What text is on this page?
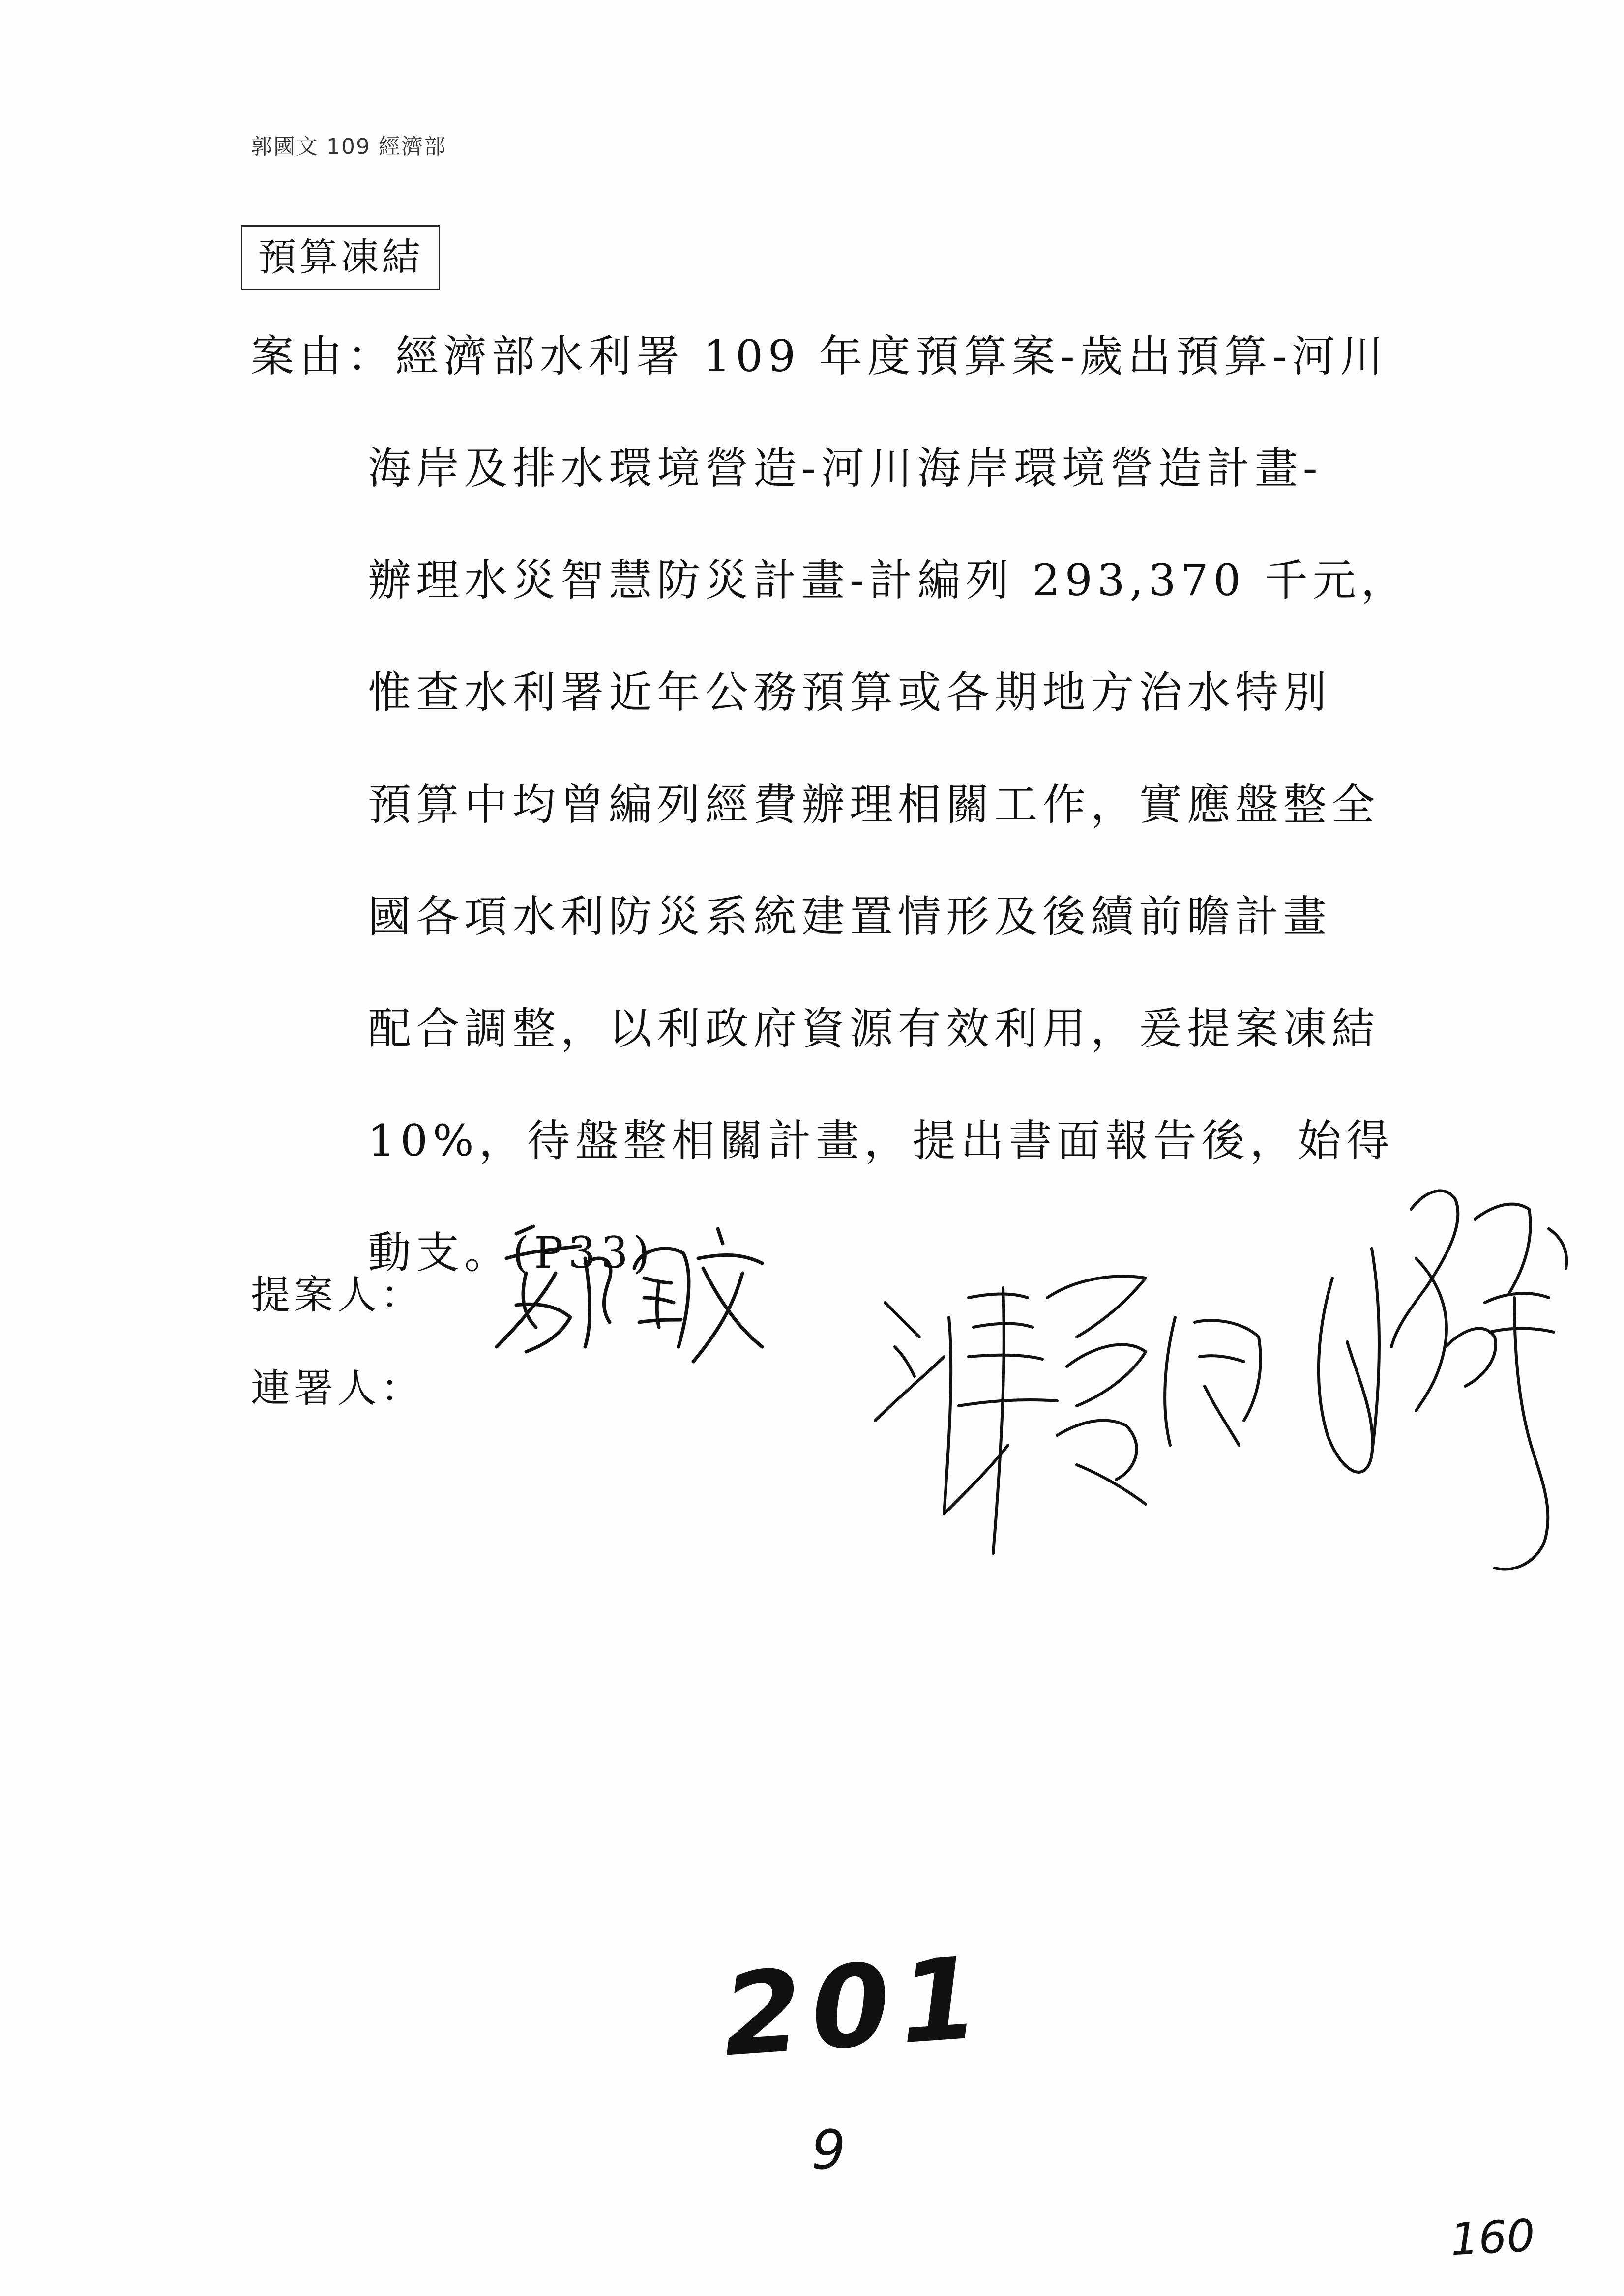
郭國文 109 經濟部
預算凍結
案由：經濟部水利署 109 年度預算案-歲出預算-河川
海岸及排水環境營造-河川海岸環境營造計畫-
辦理水災智慧防災計畫-計編列 293,370 千元，
惟查水利署近年公務預算或各期地方治水特別
預算中均曾編列經費辦理相關工作，實應盤整全
國各項水利防災系統建置情形及後續前瞻計畫
配合調整，以利政府資源有效利用，爰提案凍結
10%，待盤整相關計畫，提出書面報告後，始得
動支。(P33)
提案人：
連署人：
201
9
160
